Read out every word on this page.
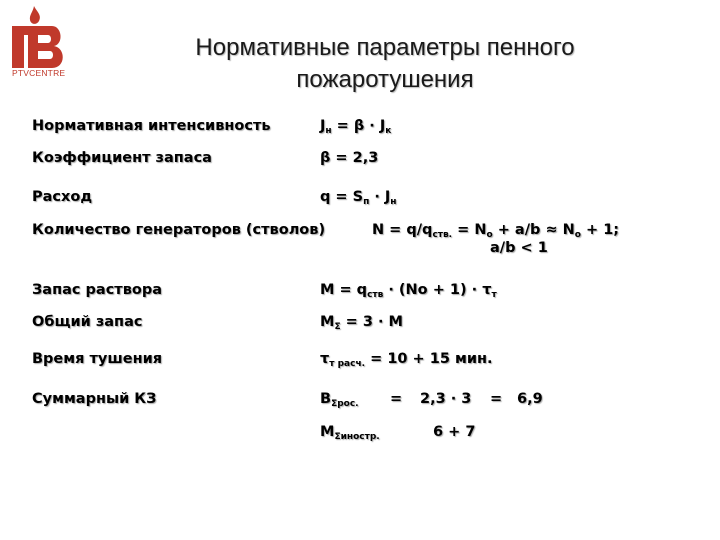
PTVCENTRE
Нормативные параметры пенного
пожаротушения
Нормативная интенсивность	$J_н = \beta \cdot J_к$
Коэффициент запаса	β = 2,3
Расход	$q = S_п \cdot J_н$
Количество генераторов (стволов)	$N = q/q_{ств.} = N_о + a/b \approx N_о + 1$;
a/b < 1
Запас раствора	$M = q_{ств} \cdot (No + 1) \cdot \tau_т$
Общий запас	$M_\Sigma = 3 \cdot M$
Время тушения	$\tau_{т расч.} = 10 + 15$ мин.
Суммарный КЗ	$B_{\Sigma рос.} = 2,3 \cdot 3 = 6,9$
$M_{\Sigma иностр.}$	6 + 7
